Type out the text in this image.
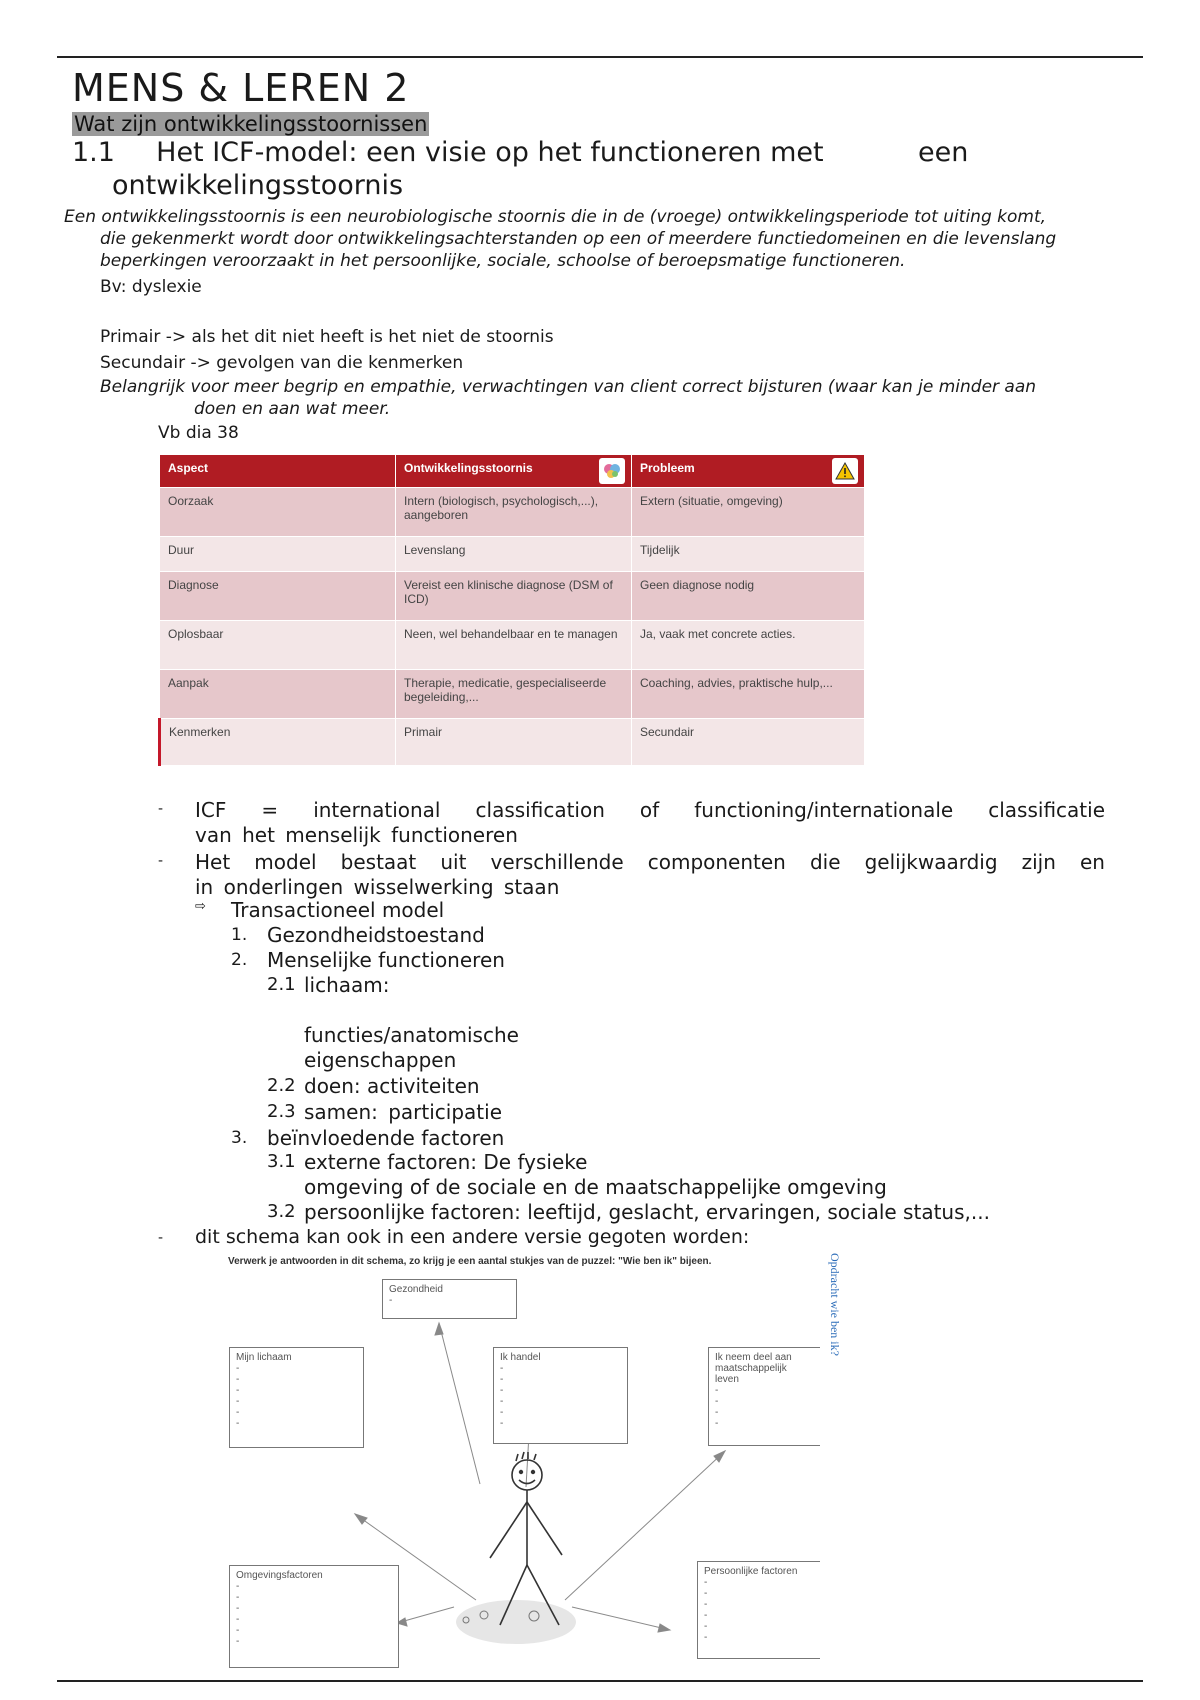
MENS & LEREN 2
Wat zijn ontwikkelingsstoornissen
1.1 Het ICF-model: een visie op het functioneren met	een
ontwikkelingsstoornis
Een ontwikkelingsstoornis is een neurobiologische stoornis die in de (vroege) ontwikkelingsperiode tot uiting komt,
die gekenmerkt wordt door ontwikkelingsachterstanden op een of meerdere functiedomeinen en die levenslang
beperkingen veroorzaakt in het persoonlijke, sociale, schoolse of beroepsmatige functioneren.
Bv: dyslexie
Primair -> als het dit niet heeft is het niet de stoornis
Secundair -> gevolgen van die kenmerken
Belangrijk voor meer begrip en empathie, verwachtingen van client correct bijsturen (waar kan je minder aan
doen en aan wat meer.
Vb dia 38
Aspect	Ontwikkelingsstoornis	Probleem

Oorzaak	Intern (biologisch, psychologisch,...), aangeboren	Extern (situatie, omgeving)
Duur	Levenslang	Tijdelijk
Diagnose	Vereist een klinische diagnose (DSM of ICD)	Geen diagnose nodig
Oplosbaar	Neen, wel behandelbaar en te managen	Ja, vaak met concrete acties.
Aanpak	Therapie, medicatie, gespecialiseerde begeleiding,...	Coaching, advies, praktische hulp,...
Kenmerken	Primair	Secundair
- ICF = international classification of functioning/internationale classificatie
van het menselijk functioneren
- Het model bestaat uit verschillende componenten die gelijkwaardig zijn en
in onderlingen wisselwerking staan
⇨ Transactioneel model
1. Gezondheidstoestand
2. Menselijke functioneren
2.1 lichaam:
functies/anatomische
eigenschappen
2.2 doen: activiteiten
2.3 samen: participatie
3. beïnvloedende factoren
3.1 externe factoren: De fysieke
omgeving of de sociale en de maatschappelijke omgeving
3.2 persoonlijke factoren: leeftijd, geslacht, ervaringen, sociale status,...
- dit schema kan ook in een andere versie gegoten worden:
Verwerk je antwoorden in dit schema, zo krijg je een aantal stukjes van de puzzel: "Wie ben ik" bijeen.	Opdracht wie ben ik?
Gezondheid
-
Mijn lichaam
-
-
-
-
-
-
Ik handel
-
-
-
-
-
-
Ik neem deel aan maatschappelijk leven
-
-
-
-
Omgevingsfactoren
-
-
-
-
-
-
Persoonlijke factoren
-
-
-
-
-
-
